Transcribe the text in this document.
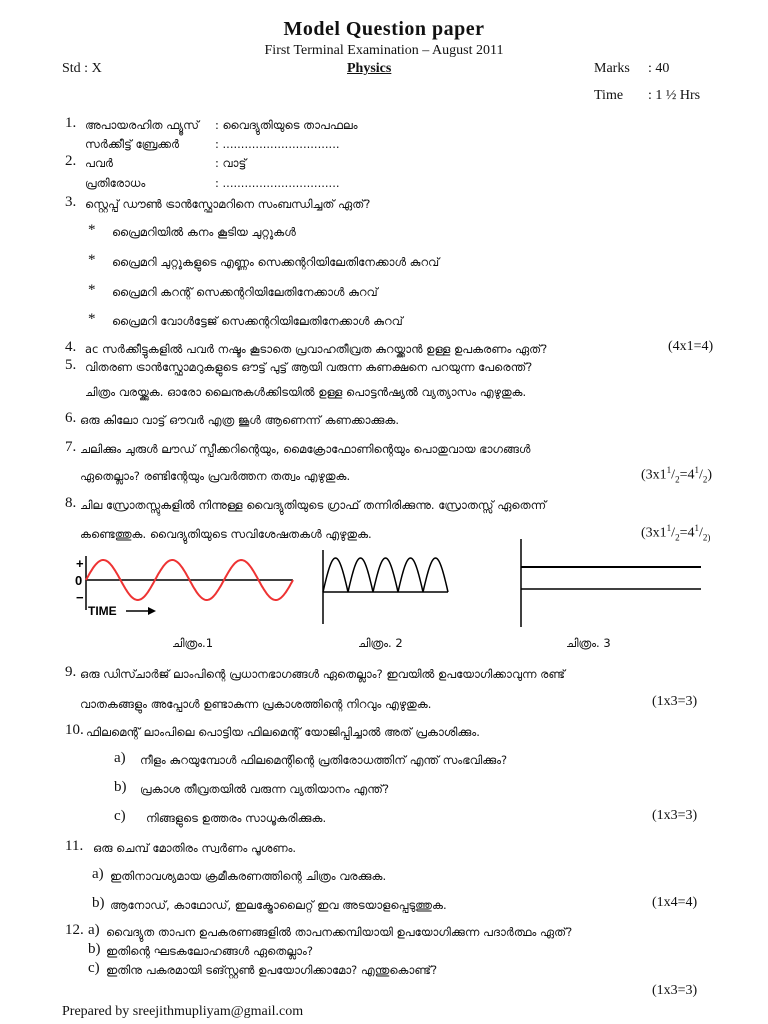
Model Question paper
First Terminal Examination – August 2011
Std : X	Physics	Marks : 40
Time : 1 ½ Hrs
1. അപായരഹിത ഫ്യൂസ് : വൈദ്യുതിയുടെ താപഫലം
സർക്കീട്ട് ബ്രേക്കർ	: ................................
2. പവർ	: വാട്ട്
പ്രതിരോധം	: ................................
3. സ്റ്റെപ്പ് ഡൗൺ ട്രാൻസ്ഫോമറിനെ സംബന്ധിച്ചത് ഏത്?
* പ്രൈമറിയിൽ കനം കൂടിയ ചുറ്റുകൾ
* പ്രൈമറി ചുറ്റുകളുടെ എണ്ണം സെക്കന്ററിയിലേതിനേക്കാൾ കുറവ്
* പ്രൈമറി കറന്റ് സെക്കന്ററിയിലേതിനേക്കാൾ കുറവ്
* പ്രൈമറി വോൾട്ടേജ് സെക്കന്ററിയിലേതിനേക്കാൾ കുറവ്
4. ac സർക്കീട്ടുകളിൽ പവർ നഷ്ടം കൂടാതെ പ്രവാഹതീവ്രത കുറയ്ക്കാൻ ഉള്ള ഉപകരണം ഏത്?	(4x1=4)
5. വിതരണ ട്രാൻസ്ഫോമറുകളുടെ ഔട്ട് പുട്ട് ആയി വരുന്ന കണക്ഷനെ പറയുന്ന പേരെന്ത്?
ചിത്രം വരയ്ക്കുക. ഓരോ ലൈനുകൾക്കിടയിൽ ഉള്ള പൊട്ടൻഷ്യൽ വ്യത്യാസം എഴുതുക.
6. ഒരു കിലോ വാട്ട് ഔവർ എത്ര ജൂൾ ആണെന്ന് കണക്കാക്കുക.
7. ചലിക്കും ചുരുൾ ലൗഡ് സ്പീക്കറിന്റെയും, മൈക്രോഫോണിന്റെയും പൊതുവായ ഭാഗങ്ങൾ
ഏതെല്ലാം? രണ്ടിന്റേയും പ്രവർത്തന തത്വം എഴുതുക.	$(3x1^1/_2=4^1/_2)$
8. ചില സ്രോതസ്സുകളിൽ നിന്നുള്ള വൈദ്യുതിയുടെ ഗ്രാഫ് തന്നിരിക്കുന്നു. സ്രോതസ്സ് ഏതെന്ന്
കണ്ടെത്തുക. വൈദ്യുതിയുടെ സവിശേഷതകൾ എഴുതുക.	($3x1^1/_2=4^1/_{2)}$
+
0
−
TIME
ചിത്രം.1	ചിത്രം. 2	ചിത്രം. 3
9. ഒരു ഡിസ്ചാർജ് ലാംപിന്റെ പ്രധാനഭാഗങ്ങൾ ഏതെല്ലാം? ഇവയിൽ ഉപയോഗിക്കാവുന്ന രണ്ട്
വാതകങ്ങളും അപ്പോൾ ഉണ്ടാകുന്ന പ്രകാശത്തിന്റെ നിറവും എഴുതുക.	(1x3=3)
10. ഫിലമെന്റ് ലാംപിലെ പൊട്ടിയ ഫിലമെന്റ് യോജിപ്പിച്ചാൽ അത് പ്രകാശിക്കും.
a) നീളം കുറയുമ്പോൾ ഫിലമെന്റിന്റെ പ്രതിരോധത്തിന് എന്ത് സംഭവിക്കും?
b) പ്രകാശ തീവ്രതയിൽ വരുന്ന വ്യതിയാനം എന്ത്?
c) നിങ്ങളുടെ ഉത്തരം സാധൂകരിക്കുക.	(1x3=3)
11. ഒരു ചെമ്പ് മോതിരം സ്വർണം പൂശണം.
a) ഇതിനാവശ്യമായ ക്രമീകരണത്തിന്റെ ചിത്രം വരക്കുക.
b) ആനോഡ്, കാഥോഡ്, ഇലക്ട്രോലൈറ്റ് ഇവ അടയാളപ്പെടുത്തുക.	(1x4=4)
12. a) വൈദ്യുത താപന ഉപകരണങ്ങളിൽ താപനക്കമ്പിയായി ഉപയോഗിക്കുന്ന പദാർത്ഥം ഏത്?
b) ഇതിന്റെ ഘടകലോഹങ്ങൾ ഏതെല്ലാം?
c) ഇതിനു പകരമായി ടങ്സ്റ്റൺ ഉപയോഗിക്കാമോ? എന്തുകൊണ്ട്?
(1x3=3)
Prepared by sreejithmupliyam@gmail.com
